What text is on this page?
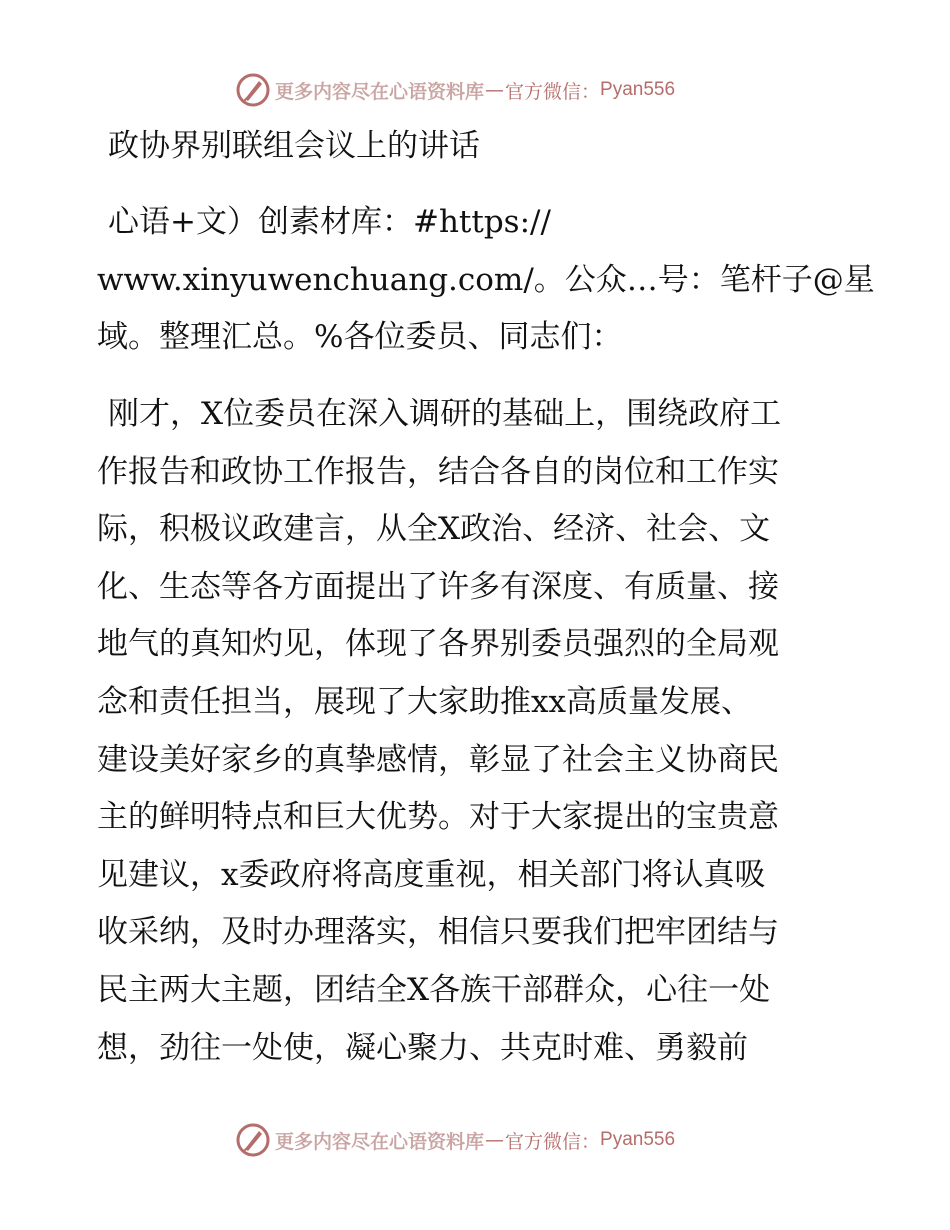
更多内容尽在心语资料库 — 官方微信： Pyan556
政协界别联组会议上的讲话
心语+文）创素材库：#https://
www.xinyuwenchuang.com/。公众…号：笔杆子@星
域。整理汇总。%各位委员、同志们：
刚才，X位委员在深入调研的基础上，围绕政府工
作报告和政协工作报告，结合各自的岗位和工作实
际，积极议政建言，从全X政治、经济、社会、文
化、生态等各方面提出了许多有深度、有质量、接
地气的真知灼见，体现了各界别委员强烈的全局观
念和责任担当，展现了大家助推xx高质量发展、
建设美好家乡的真挚感情，彰显了社会主义协商民
主的鲜明特点和巨大优势。对于大家提出的宝贵意
见建议，x委政府将高度重视，相关部门将认真吸
收采纳，及时办理落实，相信只要我们把牢团结与
民主两大主题，团结全X各族干部群众，心往一处
想，劲往一处使，凝心聚力、共克时难、勇毅前
更多内容尽在心语资料库 — 官方微信： Pyan556
